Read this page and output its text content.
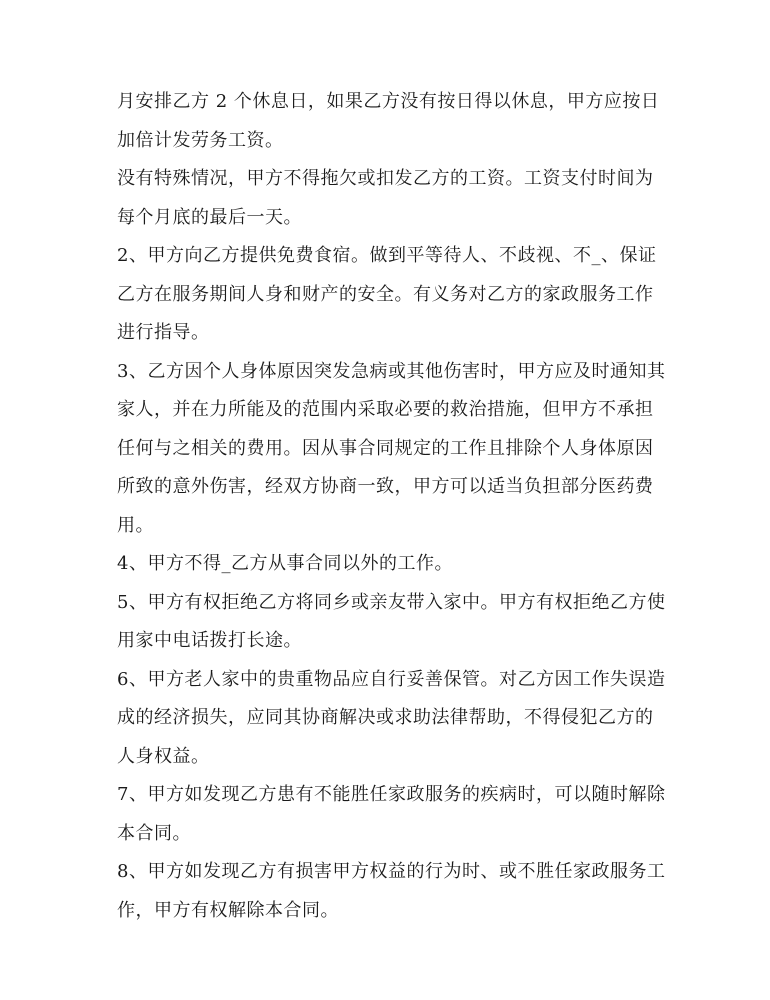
月安排乙方 2 个休息日，如果乙方没有按日得以休息，甲方应按日
加倍计发劳务工资。
没有特殊情况，甲方不得拖欠或扣发乙方的工资。工资支付时间为
每个月底的最后一天。
2、甲方向乙方提供免费食宿。做到平等待人、不歧视、不_、保证
乙方在服务期间人身和财产的安全。有义务对乙方的家政服务工作
进行指导。
3、乙方因个人身体原因突发急病或其他伤害时，甲方应及时通知其
家人，并在力所能及的范围内采取必要的救治措施，但甲方不承担
任何与之相关的费用。因从事合同规定的工作且排除个人身体原因
所致的意外伤害，经双方协商一致，甲方可以适当负担部分医药费
用。
4、甲方不得_乙方从事合同以外的工作。
5、甲方有权拒绝乙方将同乡或亲友带入家中。甲方有权拒绝乙方使
用家中电话拨打长途。
6、甲方老人家中的贵重物品应自行妥善保管。对乙方因工作失误造
成的经济损失，应同其协商解决或求助法律帮助，不得侵犯乙方的
人身权益。
7、甲方如发现乙方患有不能胜任家政服务的疾病时，可以随时解除
本合同。
8、甲方如发现乙方有损害甲方权益的行为时、或不胜任家政服务工
作，甲方有权解除本合同。
